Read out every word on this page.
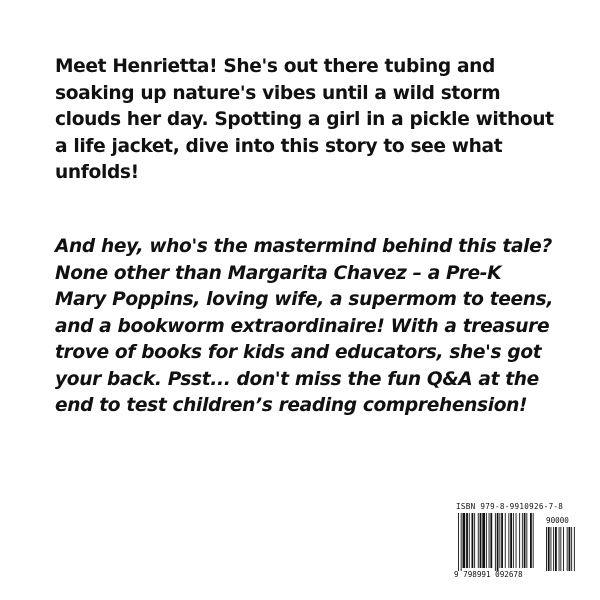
Meet Henrietta! She's out there tubing and soaking up nature's vibes until a wild storm clouds her day. Spotting a girl in a pickle without a life jacket, dive into this story to see what unfolds!

And hey, who's the mastermind behind this tale? None other than Margarita Chavez – a Pre-K Mary Poppins, loving wife, a supermom to teens, and a bookworm extraordinaire! With a treasure trove of books for kids and educators, she's got your back. Psst... don't miss the fun Q&A at the end to test children’s reading comprehension!

ISBN 979-8-9910926-7-8
90000
9 798991 092678
